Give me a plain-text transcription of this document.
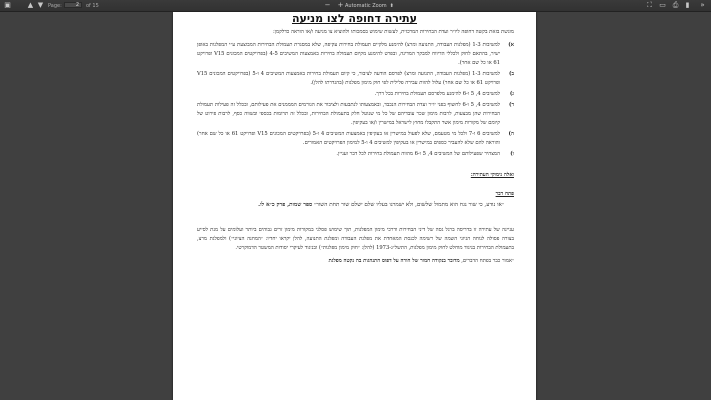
▣ ▲ ▼ Page:	2	of 15	− + Automatic Zoom ⬍	⛶ ▭ ⎙	▮	»
עתירה דחופה לצו מניעה

מוגשת בזאת בקשה דחופה ליו״ר ועדת הבחירות המרכזית, לעשות שימוש בסמכותו ולהוציא צו מניעה ו/או הוראה כדלקמן:

א)
למשיבות 1-3 (מפלגות העבודה, התנועה ומרצ) להימנע מלקיים תעמולת בחירות עקיפה, שלא במסגרת תעמולת הבחירות המבוצעת ע״י המפלגות באופן ישיר, בהתאם לחוק ולכללי הדיווח למבקר המדינה, ובפרט להימנע מקיום תעמולה בחירות באמצעות המשיבים 4-5 (בפרויקטים המכונים V15 ופרויקט 61 או כל שם אחר).
ב)
למשיבות 1-3 (מפלגות העבודה, התנועה ומרצ) לפרסם הודעה לציבור, כי קיום תעמולת בחירות באמצעות המשיבים 4 ו-5 (בפרויקטים המכונים V15 ופרויקט 61 או כל שם אחר) עלול להוות עבירה פלילית לפי חוק מימון מפלגות (בהגדרתו להלן).
ג)
למשיבים 4, 5 ו-6 להימנע מלפרסם תעמולת בחירות בכל דרך.
ד)
למשיבים 4, 5 ו-6 לחשוף בפני יו״ר ועדת הבחירות הנכבד, ובאמצעותו לנתבעות ולציבור את הגורמים המממנים את פעילותם, ובכלל זה פעילות תעמולת הבחירות שהן מבצעות, לרבות מימון שכר עובדיהם של כל מי שנוטל חלק בתעמולת הבחירות, ובכלל זה תרומות בכספי ובשווה כסף, לרבות פירוט של קיומם של מקורות מימון אשר התקבלו מחוץ לישראל במישרין ו/או בעקיפין.
ה)
למשיבים 6 ו-7 ולכל מי מטעמם, שלא לפעול במישרין או בעקיפין באמצעות המשיבים 4 ו-5 (בפרויקטים המכונים V15 ופרויקט 61 או כל שם אחר) והוראה להם שלא להעביר כספים במישרין או בעקיפין למשיבים 4 ו-5 למימון הפרויקטים האמורים.
ו)
המצהיר שפעילותם של המשיבים 4, 5 ו-6 מהווה תעמולת בחירות לכל דבר ועניין.
ואלה נימוקי העתירה:
פתח דבר
״או נודע, כי שור נגח הוא מתמול שלשום, ולא ישמרנו בעליו שלם ישלם שור תחת השור״ ספר שמות, פרק כ״א לו.

עניינה של עתירה זו בדריסה ברגל גסה של דיני הבחירות ודרכי מימון המפלגות, תוך שימוש פסלני במקורות מימון זרים גבוהים ביותר ועלומים על מנת לסייע בצורה פסולה לנוחה הגיוני השמה של רשימה לכנסת המאחדת את מפלגת העבודה ומפלגת התנועה, להלן יקראו יחדיו: ״המחנה הציוני״) ולמפלגת מרצ, בתעמולת הבחירות בניגוד מוחלט לחוק מימון מפלגות, התשל״ג-1973 (להלן: ״חוק מימון מפלגות״) ובניגוד לעיקרי יסודות המשטר הדמוקרטי.

״אמור כבר בפתח הדברים, מדובר בנקודה חמור של חורה על דפוס התנהגות בה נקטה מפלגת
